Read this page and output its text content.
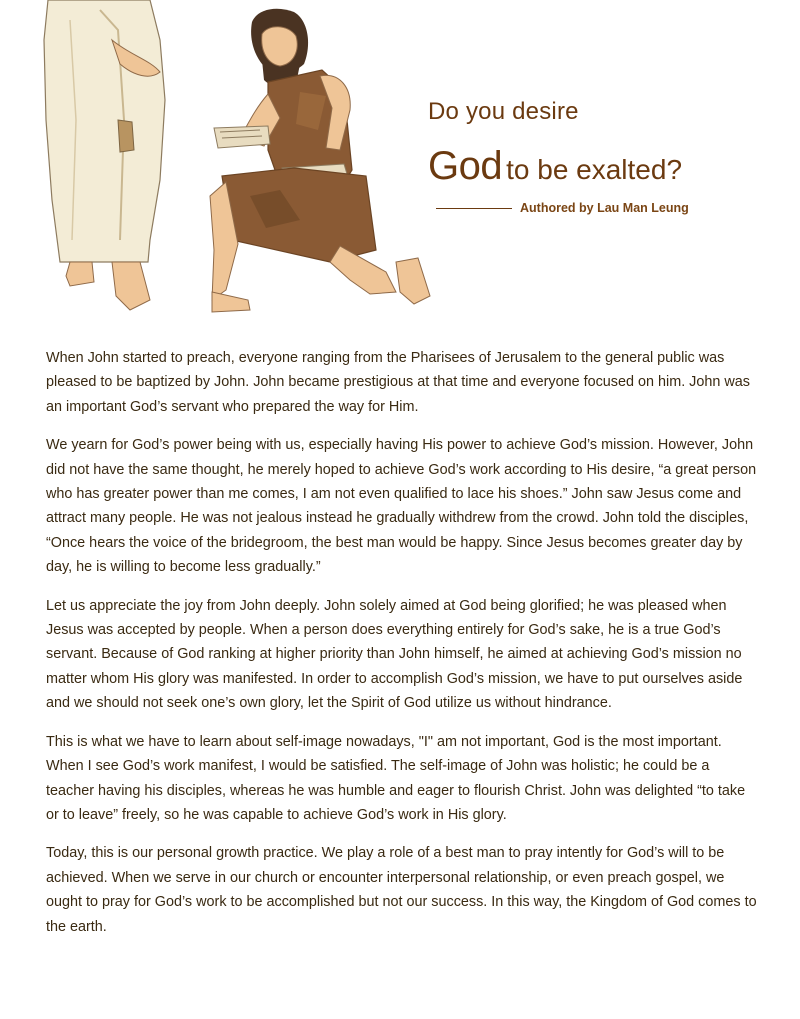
Do you desire
God to be exalted?
Authored by Lau Man Leung

When John started to preach, everyone ranging from the Pharisees of Jerusalem to the general public was pleased to be baptized by John. John became prestigious at that time and everyone focused on him. John was an important God’s servant who prepared the way for Him.

We yearn for God’s power being with us, especially having His power to achieve God’s mission. However, John did not have the same thought, he merely hoped to achieve God’s work according to His desire, “a great person who has greater power than me comes, I am not even qualified to lace his shoes.” John saw Jesus come and attract many people. He was not jealous instead he gradually withdrew from the crowd. John told the disciples, “Once hears the voice of the bridegroom, the best man would be happy. Since Jesus becomes greater day by day, he is willing to become less gradually.”

Let us appreciate the joy from John deeply. John solely aimed at God being glorified; he was pleased when Jesus was accepted by people. When a person does everything entirely for God’s sake, he is a true God’s servant. Because of God ranking at higher priority than John himself, he aimed at achieving God’s mission no matter whom His glory was manifested. In order to accomplish God’s mission, we have to put ourselves aside and we should not seek one’s own glory, let the Spirit of God utilize us without hindrance.

This is what we have to learn about self-image nowadays, "I" am not important, God is the most important. When I see God’s work manifest, I would be satisfied. The self-image of John was holistic; he could be a teacher having his disciples, whereas he was humble and eager to flourish Christ. John was delighted “to take or to leave” freely, so he was capable to achieve God’s work in His glory.

Today, this is our personal growth practice. We play a role of a best man to pray intently for God’s will to be achieved. When we serve in our church or encounter interpersonal relationship, or even preach gospel, we ought to pray for God’s work to be accomplished but not our success. In this way, the Kingdom of God comes to the earth.
